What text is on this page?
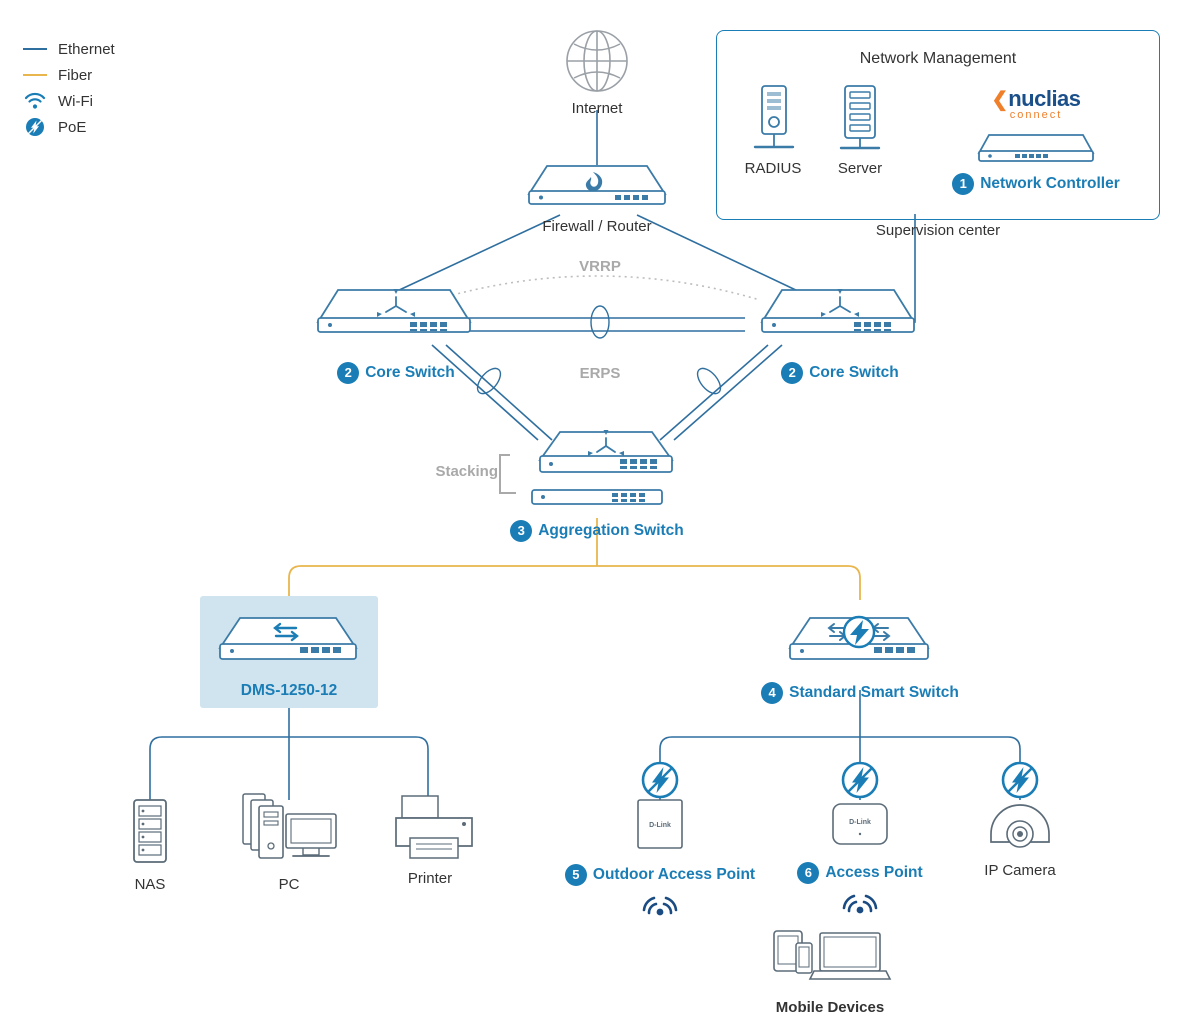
Ethernet
Fiber
Wi-Fi
PoE
Network Management
RADIUS	Server
❮nuclias
connect
1 Network Controller
Supervision center
Internet
Firewall / Router
2 Core Switch	2 Core Switch
VRRP
ERPS
Stacking
3 Aggregation Switch
DMS-1250-12	4 Standard Smart Switch
NAS	PC	Printer
D-Link
5 Outdoor Access Point
D-Link
6 Access Point	IP Camera
Mobile Devices
